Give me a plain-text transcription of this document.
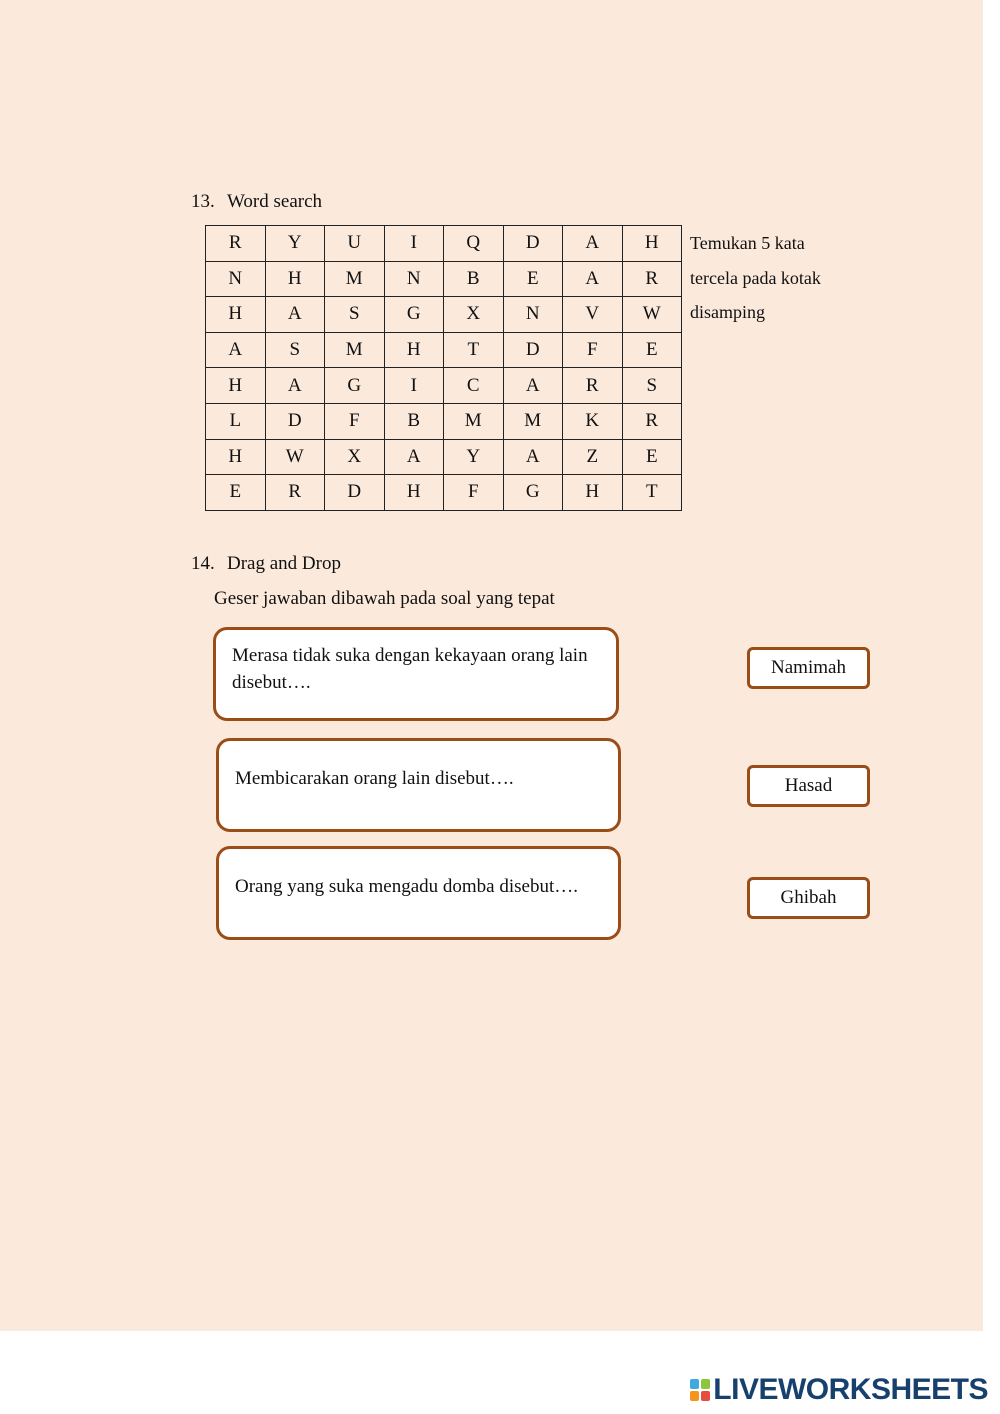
13. Word search
R	Y	U	I	Q	D	A	H
N	H	M	N	B	E	A	R
H	A	S	G	X	N	V	W
A	S	M	H	T	D	F	E
H	A	G	I	C	A	R	S
L	D	F	B	M	M	K	R
H	W	X	A	Y	A	Z	E
E	R	D	H	F	G	H	T
Temukan 5 kata
tercela pada kotak
disamping
14. Drag and Drop
Geser jawaban dibawah pada soal yang tepat
Merasa tidak suka dengan kekayaan orang lain disebut….
Membicarakan orang lain disebut….
Orang yang suka mengadu domba disebut….
Namimah
Hasad
Ghibah
LIVEWORKSHEETS
